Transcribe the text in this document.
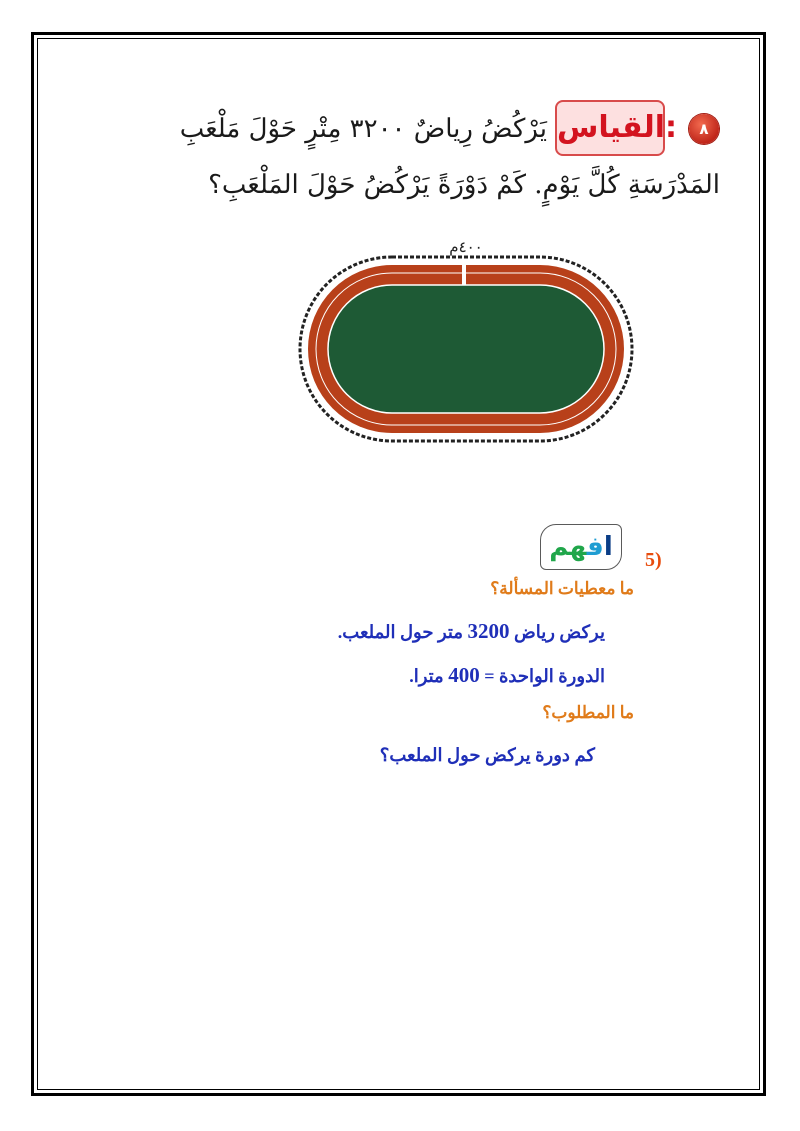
٨
القياس:
يَرْكُضُ رِياضٌ ٣٢٠٠ مِتْرٍ حَوْلَ مَلْعَبِ
المَدْرَسَةِ كُلَّ يَوْمٍ. كَمْ دَوْرَةً يَرْكُضُ حَوْلَ المَلْعَبِ؟
٤٠٠م
افهم	5)
ما معطيات المسألة؟
يركض رياض 3200 متر حول الملعب.
الدورة الواحدة = 400 مترا.
ما المطلوب؟
كم دورة يركض حول الملعب؟
